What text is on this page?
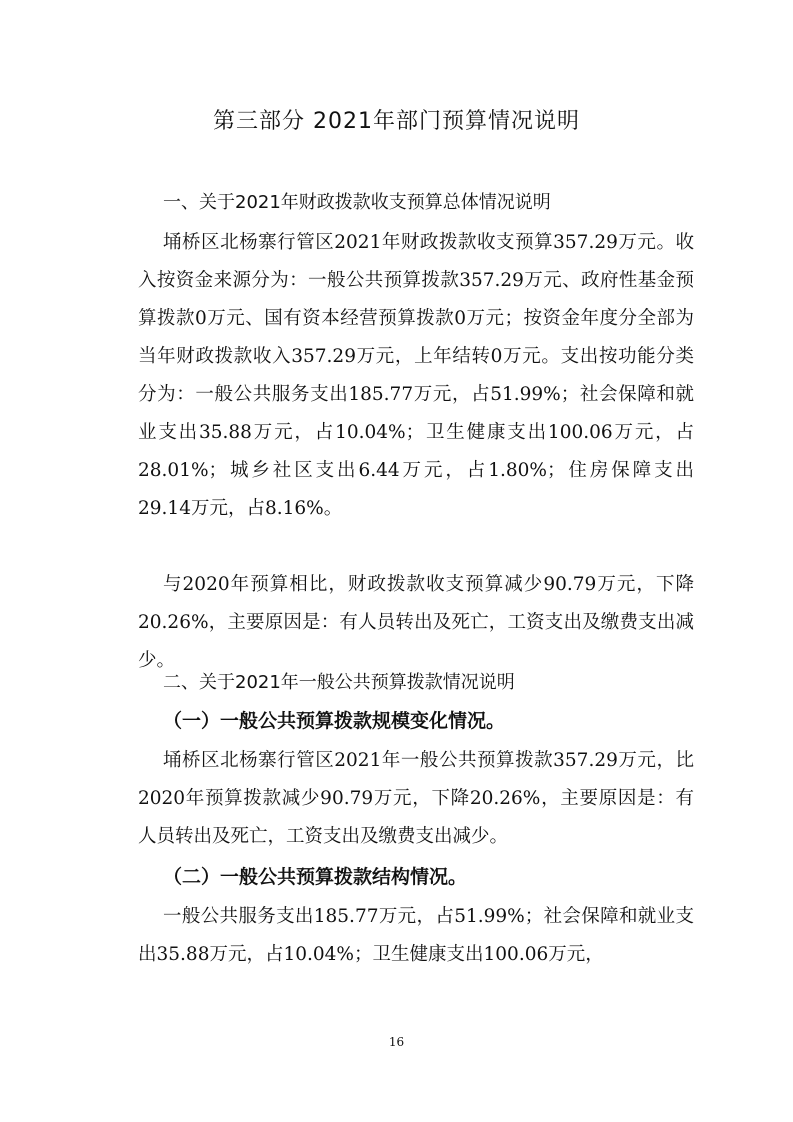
第三部分 2021年部门预算情况说明
一、关于2021年财政拨款收支预算总体情况说明
埇桥区北杨寨行管区2021年财政拨款收支预算357.29万元。收入按资金来源分为：一般公共预算拨款357.29万元、政府性基金预算拨款0万元、国有资本经营预算拨款0万元；按资金年度分全部为当年财政拨款收入357.29万元，上年结转0万元。支出按功能分类分为：一般公共服务支出185.77万元，占51.99%；社会保障和就业支出35.88万元，占10.04%；卫生健康支出100.06万元，占28.01%；城乡社区支出6.44万元，占1.80%；住房保障支出29.14万元，占8.16%。
与2020年预算相比，财政拨款收支预算减少90.79万元，下降20.26%，主要原因是：有人员转出及死亡，工资支出及缴费支出减少。
二、关于2021年一般公共预算拨款情况说明
（一）一般公共预算拨款规模变化情况。
埇桥区北杨寨行管区2021年一般公共预算拨款357.29万元，比2020年预算拨款减少90.79万元，下降20.26%，主要原因是：有人员转出及死亡，工资支出及缴费支出减少。
（二）一般公共预算拨款结构情况。
一般公共服务支出185.77万元，占51.99%；社会保障和就业支出35.88万元，占10.04%；卫生健康支出100.06万元，
16
